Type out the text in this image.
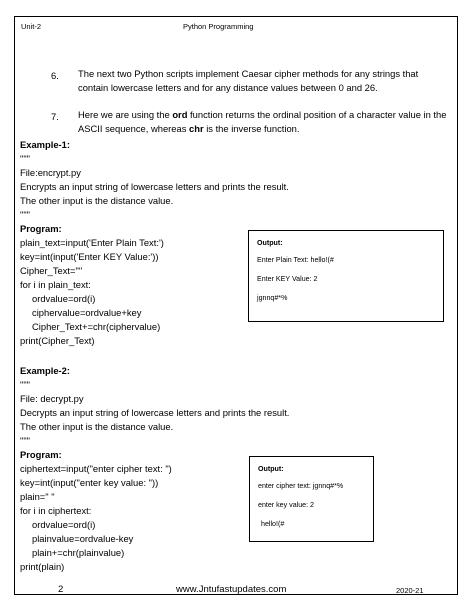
Unit-2	Python Programming
6. The next two Python scripts implement Caesar cipher methods for any strings that contain lowercase letters and for any distance values between 0 and 26.
7. Here we are using the ord function returns the ordinal position of a character value in the ASCII sequence, whereas chr is the inverse function.
Example-1:
"""
File:encrypt.py
Encrypts an input string of lowercase letters and prints the result.
The other input is the distance value.
"""
Program:
plain_text=input('Enter Plain Text:')
key=int(input('Enter KEY Value:'))
Cipher_Text=""
for i in plain_text:
ordvalue=ord(i)
ciphervalue=ordvalue+key
Cipher_Text+=chr(ciphervalue)
print(Cipher_Text)
Output:
Enter Plain Text: hello!(#
Enter KEY Value: 2
jgnnq#*%
Example-2:
"""
File: decrypt.py
Decrypts an input string of lowercase letters and prints the result.
The other input is the distance value.
"""
Program:
ciphertext=input("enter cipher text: ")
key=int(input("enter key value: "))
plain=" "
for i in ciphertext:
ordvalue=ord(i)
plainvalue=ordvalue-key
plain+=chr(plainvalue)
print(plain)
Output:
enter cipher text: jgnnq#*%
enter key value: 2
hello!(#
2	www.Jntufastupdates.com	2020-21
